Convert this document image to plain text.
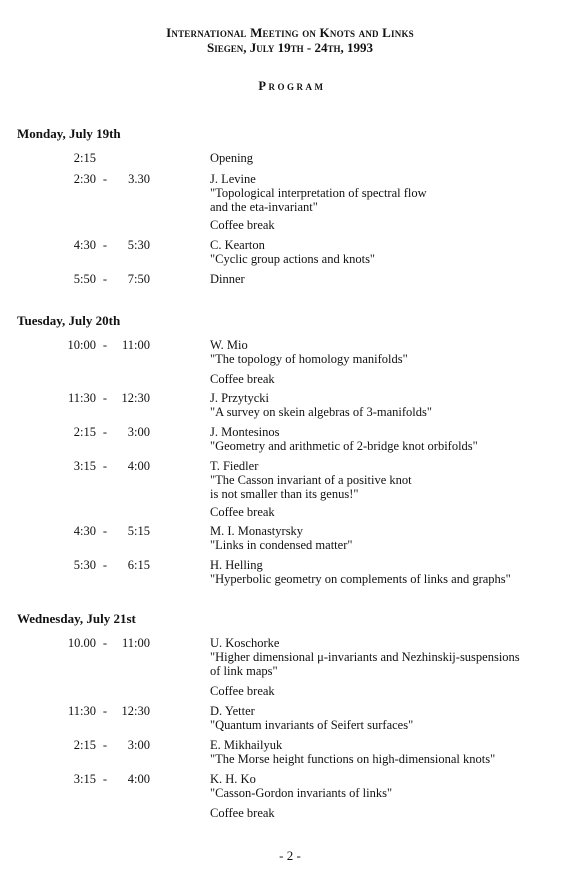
International Meeting on Knots and Links
Siegen, July 19th - 24th, 1993
Program
Monday, July 19th
2:15	Opening
2:30 - 3.30	J. Levine
"Topological interpretation of spectral flow
and the eta-invariant"
Coffee break
4:30 - 5:30	C. Kearton
"Cyclic group actions and knots"
5:50 - 7:50	Dinner
Tuesday, July 20th
10:00 - 11:00	W. Mio
"The topology of homology manifolds"
Coffee break
11:30 - 12:30	J. Przytycki
"A survey on skein algebras of 3-manifolds"
2:15 - 3:00	J. Montesinos
"Geometry and arithmetic of 2-bridge knot orbifolds"
3:15 - 4:00	T. Fiedler
"The Casson invariant of a positive knot
is not smaller than its genus!"
Coffee break
4:30 - 5:15	M. I. Monastyrsky
"Links in condensed matter"
5:30 - 6:15	H. Helling
"Hyperbolic geometry on complements of links and graphs"
Wednesday, July 21st
10.00 - 11:00	U. Koschorke
"Higher dimensional μ-invariants and Nezhinskij-suspensions
of link maps"
Coffee break
11:30 - 12:30	D. Yetter
"Quantum invariants of Seifert surfaces"
2:15 - 3:00	E. Mikhailyuk
"The Morse height functions on high-dimensional knots"
3:15 - 4:00	K. H. Ko
"Casson-Gordon invariants of links"
Coffee break
- 2 -
